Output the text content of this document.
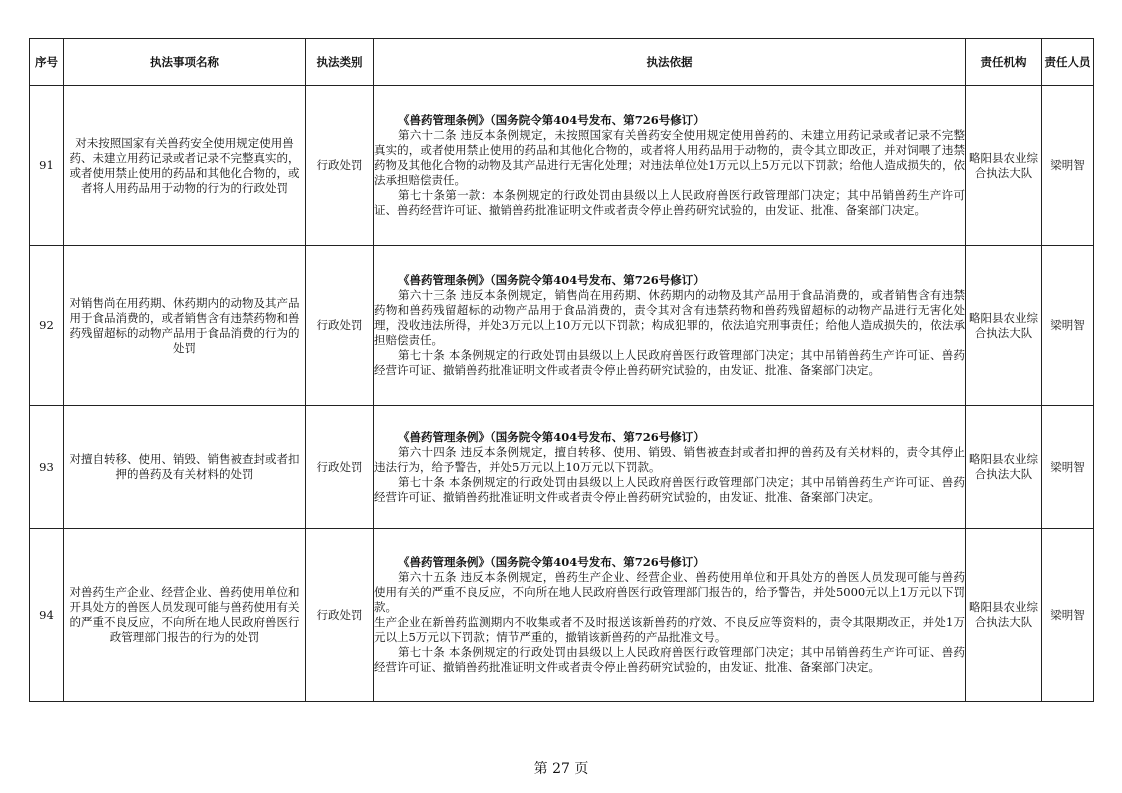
序号	执法事项名称	执法类别	执法依据	责任机构	责任人员
91	对未按照国家有关兽药安全使用规定使用兽药、未建立用药记录或者记录不完整真实的，或者使用禁止使用的药品和其他化合物的，或者将人用药品用于动物的行为的行政处罚	行政处罚	《兽药管理条例》（国务院令第404号发布、第726号修订）
第六十二条 违反本条例规定，未按照国家有关兽药安全使用规定使用兽药的、未建立用药记录或者记录不完整真实的，或者使用禁止使用的药品和其他化合物的，或者将人用药品用于动物的，责令其立即改正，并对饲喂了违禁药物及其他化合物的动物及其产品进行无害化处理；对违法单位处1万元以上5万元以下罚款；给他人造成损失的，依法承担赔偿责任。
第七十条第一款：本条例规定的行政处罚由县级以上人民政府兽医行政管理部门决定；其中吊销兽药生产许可证、兽药经营许可证、撤销兽药批准证明文件或者责令停止兽药研究试验的，由发证、批准、备案部门决定。	略阳县农业综合执法大队	梁明智
92	对销售尚在用药期、休药期内的动物及其产品用于食品消费的，或者销售含有违禁药物和兽药残留超标的动物产品用于食品消费的行为的处罚	行政处罚	《兽药管理条例》（国务院令第404号发布、第726号修订）
第六十三条 违反本条例规定，销售尚在用药期、休药期内的动物及其产品用于食品消费的，或者销售含有违禁药物和兽药残留超标的动物产品用于食品消费的，责令其对含有违禁药物和兽药残留超标的动物产品进行无害化处理，没收违法所得，并处3万元以上10万元以下罚款；构成犯罪的，依法追究刑事责任；给他人造成损失的，依法承担赔偿责任。
第七十条 本条例规定的行政处罚由县级以上人民政府兽医行政管理部门决定；其中吊销兽药生产许可证、兽药经营许可证、撤销兽药批准证明文件或者责令停止兽药研究试验的，由发证、批准、备案部门决定。	略阳县农业综合执法大队	梁明智
93	对擅自转移、使用、销毁、销售被查封或者扣押的兽药及有关材料的处罚	行政处罚	《兽药管理条例》（国务院令第404号发布、第726号修订）
第六十四条 违反本条例规定，擅自转移、使用、销毁、销售被查封或者扣押的兽药及有关材料的，责令其停止违法行为，给予警告，并处5万元以上10万元以下罚款。
第七十条 本条例规定的行政处罚由县级以上人民政府兽医行政管理部门决定；其中吊销兽药生产许可证、兽药经营许可证、撤销兽药批准证明文件或者责令停止兽药研究试验的，由发证、批准、备案部门决定。	略阳县农业综合执法大队	梁明智
94	对兽药生产企业、经营企业、兽药使用单位和开具处方的兽医人员发现可能与兽药使用有关的严重不良反应，不向所在地人民政府兽医行政管理部门报告的行为的处罚	行政处罚	《兽药管理条例》（国务院令第404号发布、第726号修订）
第六十五条 违反本条例规定，兽药生产企业、经营企业、兽药使用单位和开具处方的兽医人员发现可能与兽药使用有关的严重不良反应，不向所在地人民政府兽医行政管理部门报告的，给予警告，并处5000元以上1万元以下罚款。
生产企业在新兽药监测期内不收集或者不及时报送该新兽药的疗效、不良反应等资料的，责令其限期改正，并处1万元以上5万元以下罚款；情节严重的，撤销该新兽药的产品批准文号。
第七十条 本条例规定的行政处罚由县级以上人民政府兽医行政管理部门决定；其中吊销兽药生产许可证、兽药经营许可证、撤销兽药批准证明文件或者责令停止兽药研究试验的，由发证、批准、备案部门决定。	略阳县农业综合执法大队	梁明智
第 27 页
